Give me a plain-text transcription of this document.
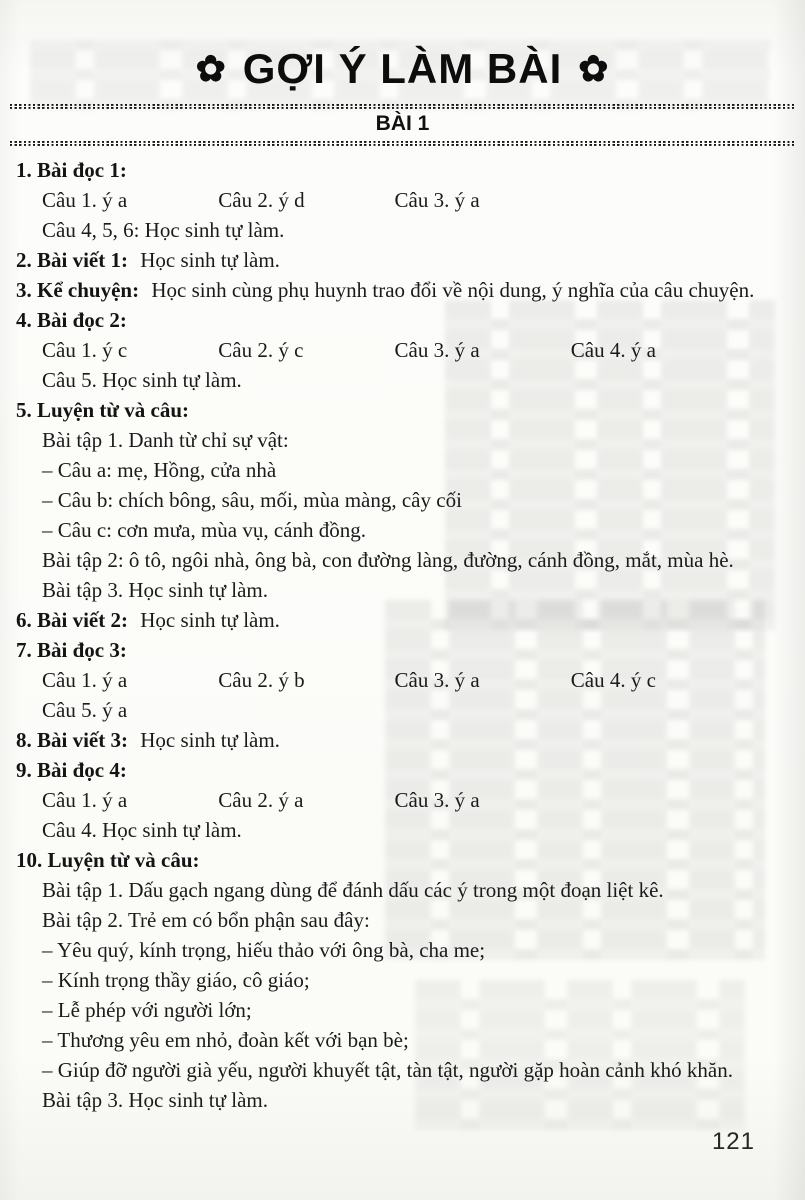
✿ GỢI Ý LÀM BÀI ✿
BÀI 1
1. Bài đọc 1:
Câu 1. ý a	Câu 2. ý d	Câu 3. ý a
Câu 4, 5, 6: Học sinh tự làm.
2. Bài viết 1: Học sinh tự làm.
3. Kể chuyện: Học sinh cùng phụ huynh trao đổi về nội dung, ý nghĩa của câu chuyện.
4. Bài đọc 2:
Câu 1. ý c	Câu 2. ý c	Câu 3. ý a	Câu 4. ý a
Câu 5. Học sinh tự làm.
5. Luyện từ và câu:
Bài tập 1. Danh từ chỉ sự vật:
– Câu a: mẹ, Hồng, cửa nhà
– Câu b: chích bông, sâu, mối, mùa màng, cây cối
– Câu c: cơn mưa, mùa vụ, cánh đồng.
Bài tập 2: ô tô, ngôi nhà, ông bà, con đường làng, đường, cánh đồng, mắt, mùa hè.
Bài tập 3. Học sinh tự làm.
6. Bài viết 2: Học sinh tự làm.
7. Bài đọc 3:
Câu 1. ý a	Câu 2. ý b	Câu 3. ý a	Câu 4. ý c
Câu 5. ý a
8. Bài viết 3: Học sinh tự làm.
9. Bài đọc 4:
Câu 1. ý a	Câu 2. ý a	Câu 3. ý a
Câu 4. Học sinh tự làm.
10. Luyện từ và câu:
Bài tập 1. Dấu gạch ngang dùng để đánh dấu các ý trong một đoạn liệt kê.
Bài tập 2. Trẻ em có bổn phận sau đây:
– Yêu quý, kính trọng, hiếu thảo với ông bà, cha me;
– Kính trọng thầy giáo, cô giáo;
– Lễ phép với người lớn;
– Thương yêu em nhỏ, đoàn kết với bạn bè;
– Giúp đỡ người già yếu, người khuyết tật, tàn tật, người gặp hoàn cảnh khó khăn.
Bài tập 3. Học sinh tự làm.
121
